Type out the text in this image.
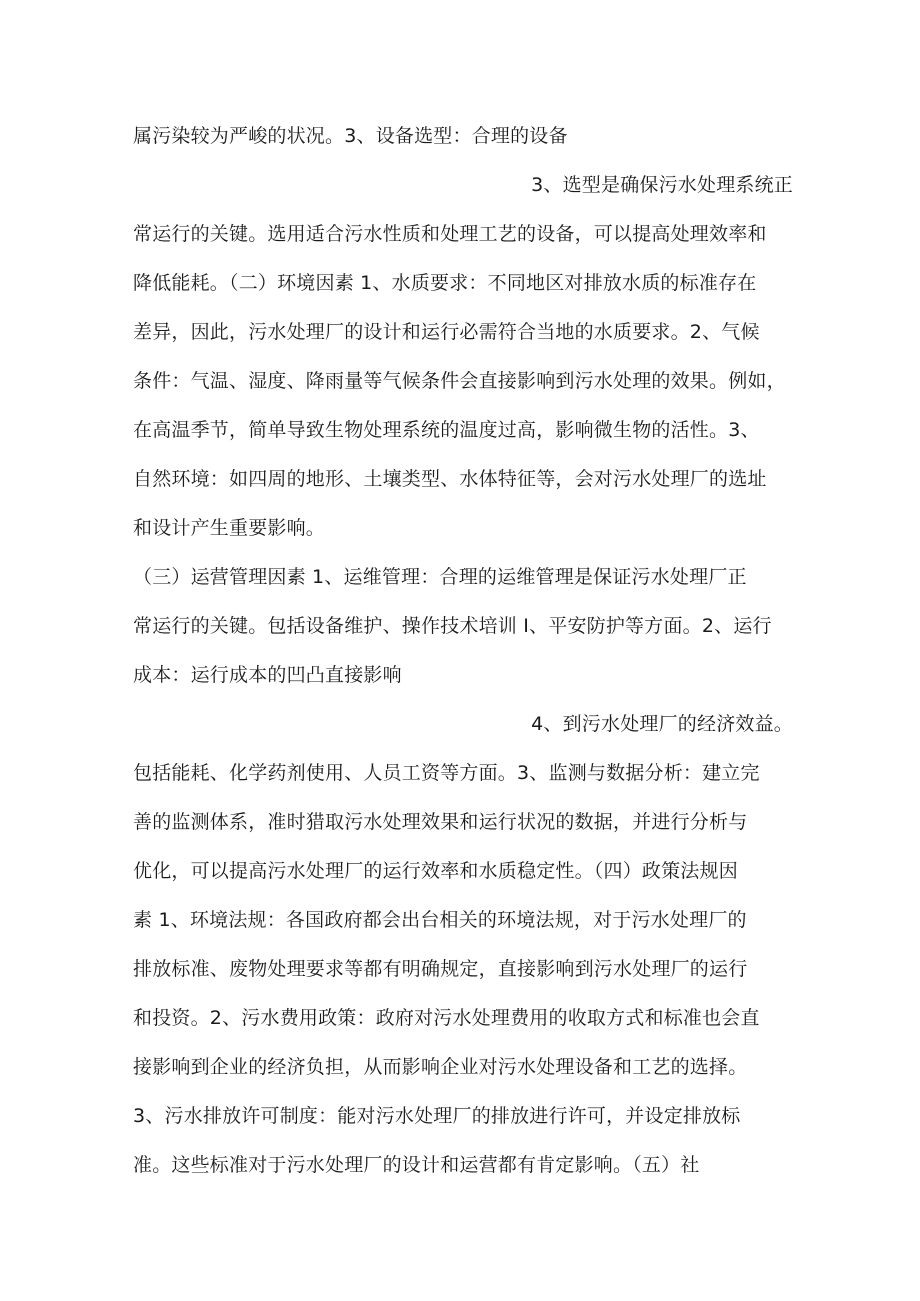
属污染较为严峻的状况。3、设备选型：合理的设备
3、选型是确保污水处理系统正
常运行的关键。选用适合污水性质和处理工艺的设备，可以提高处理效率和
降低能耗。（二）环境因素 1、水质要求：不同地区对排放水质的标准存在
差异，因此，污水处理厂的设计和运行必需符合当地的水质要求。2、气候
条件：气温、湿度、降雨量等气候条件会直接影响到污水处理的效果。例如，
在高温季节，简单导致生物处理系统的温度过高，影响微生物的活性。3、
自然环境：如四周的地形、土壤类型、水体特征等，会对污水处理厂的选址
和设计产生重要影响。
（三）运营管理因素 1、运维管理：合理的运维管理是保证污水处理厂正
常运行的关键。包括设备维护、操作技术培训 I、平安防护等方面。2、运行
成本：运行成本的凹凸直接影响
4、到污水处理厂的经济效益。
包括能耗、化学药剂使用、人员工资等方面。3、监测与数据分析：建立完
善的监测体系，准时猎取污水处理效果和运行状况的数据，并进行分析与
优化，可以提高污水处理厂的运行效率和水质稳定性。（四）政策法规因
素 1、环境法规：各国政府都会出台相关的环境法规，对于污水处理厂的
排放标准、废物处理要求等都有明确规定，直接影响到污水处理厂的运行
和投资。2、污水费用政策：政府对污水处理费用的收取方式和标准也会直
接影响到企业的经济负担，从而影响企业对污水处理设备和工艺的选择。
3、污水排放许可制度：能对污水处理厂的排放进行许可，并设定排放标
准。这些标准对于污水处理厂的设计和运营都有肯定影响。（五）社
